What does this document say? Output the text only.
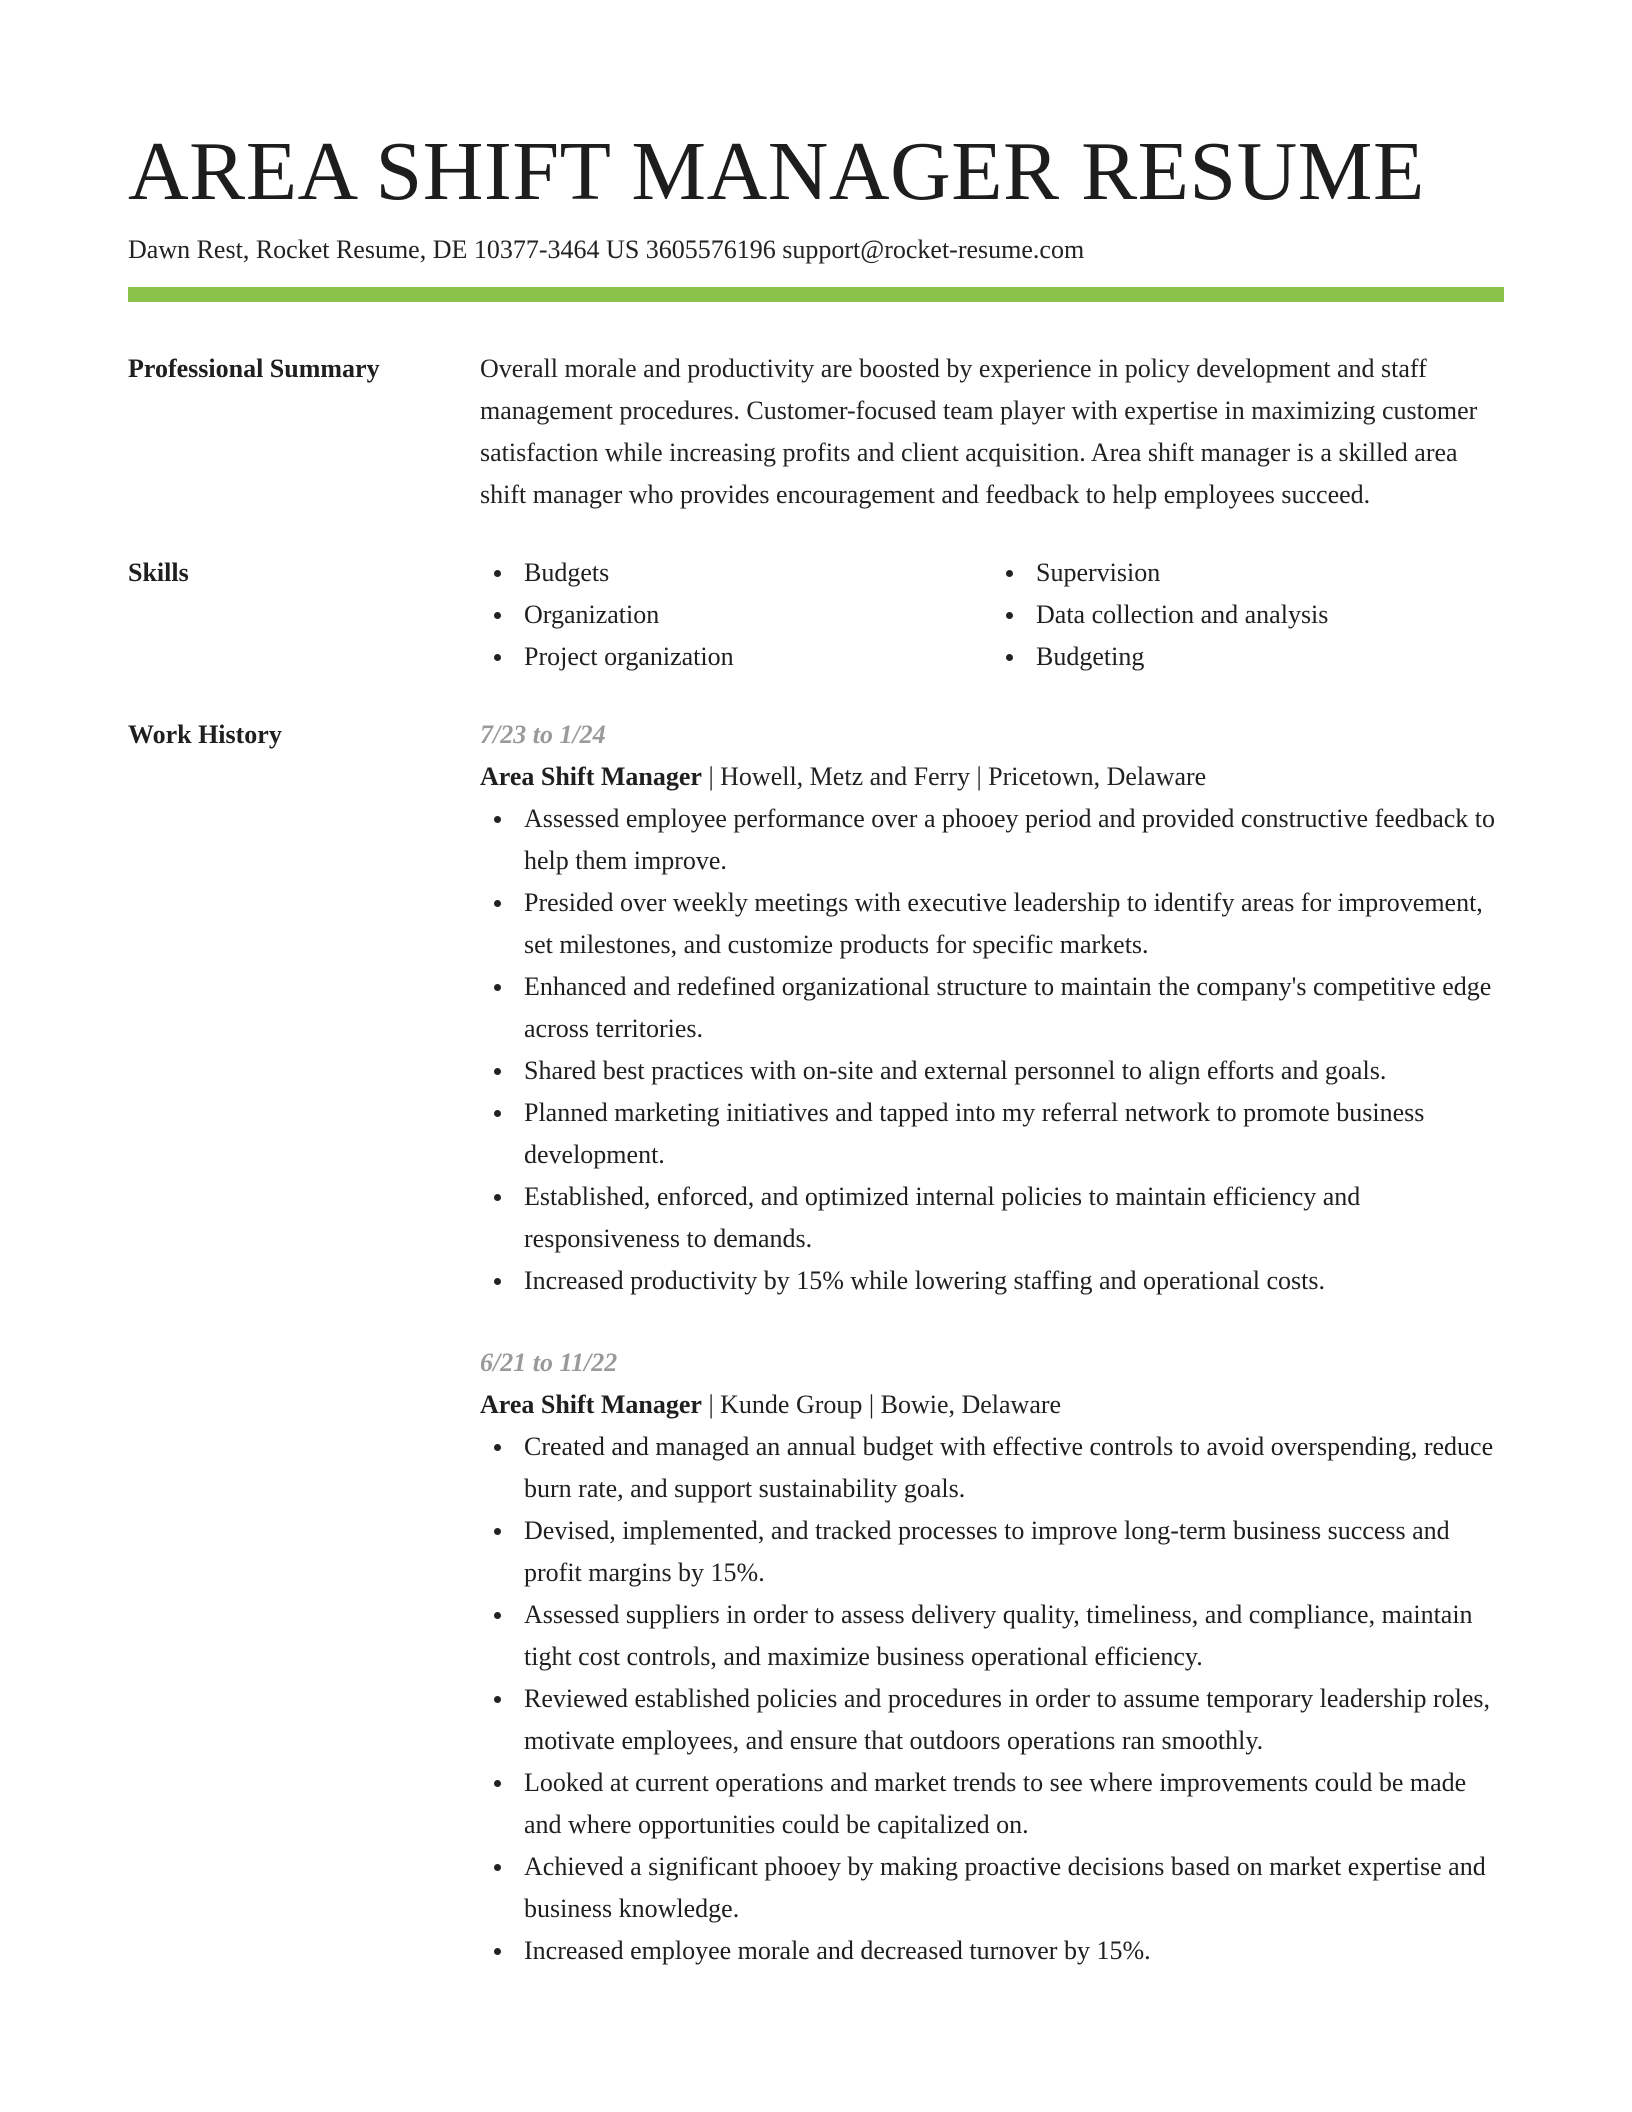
AREA SHIFT MANAGER RESUME
Dawn Rest, Rocket Resume, DE 10377-3464 US 3605576196 support@rocket-resume.com
Professional Summary	Overall morale and productivity are boosted by experience in policy development and staff management procedures. Customer-focused team player with expertise in maximizing customer satisfaction while increasing profits and client acquisition. Area shift manager is a skilled area shift manager who provides encouragement and feedback to help employees succeed.

Skills	Budgets
Organization
Project organization
Supervision
Data collection and analysis
Budgeting
Work History	7/23 to 1/24
Area Shift Manager | Howell, Metz and Ferry | Pricetown, Delaware
Assessed employee performance over a phooey period and provided constructive feedback to help them improve.
Presided over weekly meetings with executive leadership to identify areas for improvement, set milestones, and customize products for specific markets.
Enhanced and redefined organizational structure to maintain the company's competitive edge across territories.
Shared best practices with on-site and external personnel to align efforts and goals.
Planned marketing initiatives and tapped into my referral network to promote business development.
Established, enforced, and optimized internal policies to maintain efficiency and responsiveness to demands.
Increased productivity by 15% while lowering staffing and operational costs.
6/21 to 11/22
Area Shift Manager | Kunde Group | Bowie, Delaware
Created and managed an annual budget with effective controls to avoid overspending, reduce burn rate, and support sustainability goals.
Devised, implemented, and tracked processes to improve long-term business success and profit margins by 15%.
Assessed suppliers in order to assess delivery quality, timeliness, and compliance, maintain tight cost controls, and maximize business operational efficiency.
Reviewed established policies and procedures in order to assume temporary leadership roles, motivate employees, and ensure that outdoors operations ran smoothly.
Looked at current operations and market trends to see where improvements could be made and where opportunities could be capitalized on.
Achieved a significant phooey by making proactive decisions based on market expertise and business knowledge.
Increased employee morale and decreased turnover by 15%.
